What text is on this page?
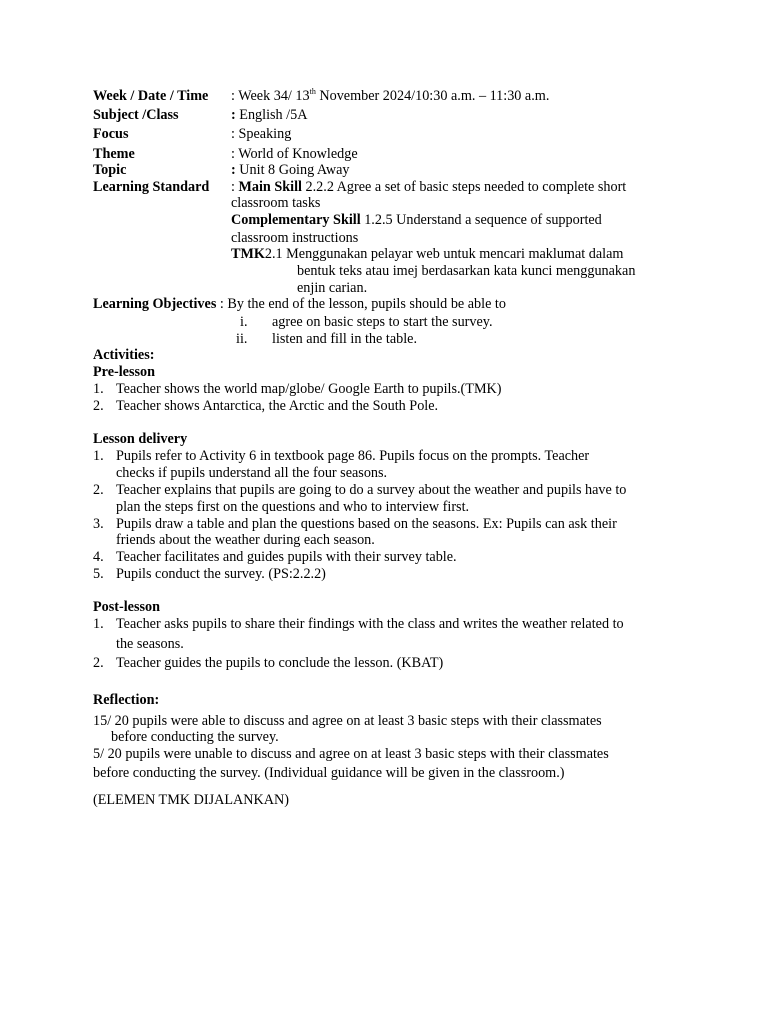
Week / Date / Time : Week 34/ 13th November 2024/10:30 a.m. – 11:30 a.m.
Subject /Class	: English /5A
Focus	: Speaking
Theme	: World of Knowledge
Topic	: Unit 8 Going Away
Learning Standard : Main Skill 2.2.2 Agree a set of basic steps needed to complete short
classroom tasks
Complementary Skill 1.2.5 Understand a sequence of supported
classroom instructions
TMK2.1 Menggunakan pelayar web untuk mencari maklumat dalam
bentuk teks atau imej berdasarkan kata kunci menggunakan
enjin carian.
Learning Objectives : By the end of the lesson, pupils should be able to
i. agree on basic steps to start the survey.
ii. listen and fill in the table.
Activities:
Pre-lesson
1. Teacher shows the world map/globe/ Google Earth to pupils.(TMK)
2. Teacher shows Antarctica, the Arctic and the South Pole.
Lesson delivery
1. Pupils refer to Activity 6 in textbook page 86. Pupils focus on the prompts. Teacher
checks if pupils understand all the four seasons.
2. Teacher explains that pupils are going to do a survey about the weather and pupils have to
plan the steps first on the questions and who to interview first.
3. Pupils draw a table and plan the questions based on the seasons. Ex: Pupils can ask their
friends about the weather during each season.
4. Teacher facilitates and guides pupils with their survey table.
5. Pupils conduct the survey. (PS:2.2.2)
Post-lesson
1. Teacher asks pupils to share their findings with the class and writes the weather related to
the seasons.
2. Teacher guides the pupils to conclude the lesson. (KBAT)
Reflection:
15/ 20 pupils were able to discuss and agree on at least 3 basic steps with their classmates
before conducting the survey.
5/ 20 pupils were unable to discuss and agree on at least 3 basic steps with their classmates
before conducting the survey. (Individual guidance will be given in the classroom.)
(ELEMEN TMK DIJALANKAN)
